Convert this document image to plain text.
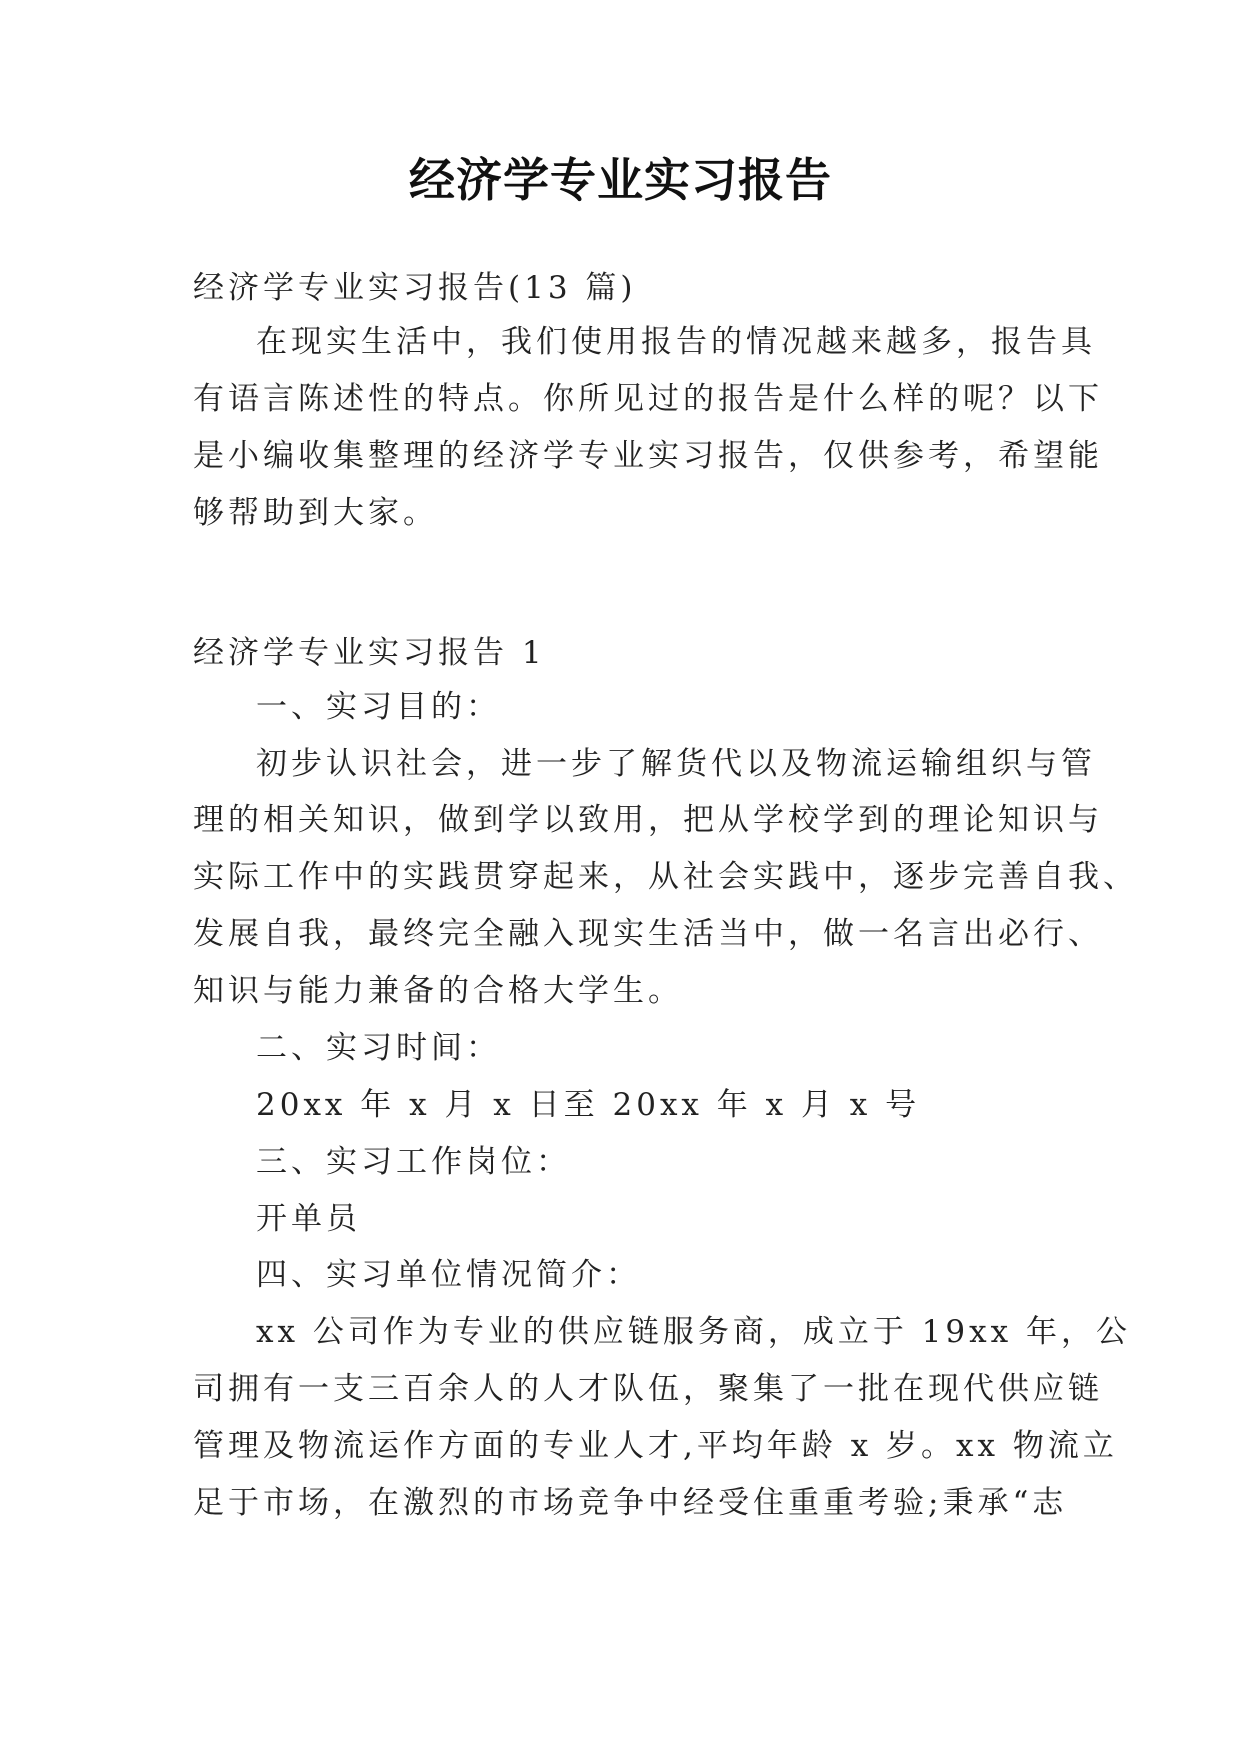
经济学专业实习报告
经济学专业实习报告(13 篇)
在现实生活中，我们使用报告的情况越来越多，报告具
有语言陈述性的特点。你所见过的报告是什么样的呢？以下
是小编收集整理的经济学专业实习报告，仅供参考，希望能
够帮助到大家。
经济学专业实习报告 1
一、实习目的：
初步认识社会，进一步了解货代以及物流运输组织与管
理的相关知识，做到学以致用，把从学校学到的理论知识与
实际工作中的实践贯穿起来，从社会实践中，逐步完善自我、
发展自我，最终完全融入现实生活当中，做一名言出必行、
知识与能力兼备的合格大学生。
二、实习时间：
20xx 年 x 月 x 日至 20xx 年 x 月 x 号
三、实习工作岗位：
开单员
四、实习单位情况简介：
xx 公司作为专业的供应链服务商，成立于 19xx 年，公
司拥有一支三百余人的人才队伍，聚集了一批在现代供应链
管理及物流运作方面的专业人才,平均年龄 x 岁。xx 物流立
足于市场，在激烈的市场竞争中经受住重重考验;秉承“志
